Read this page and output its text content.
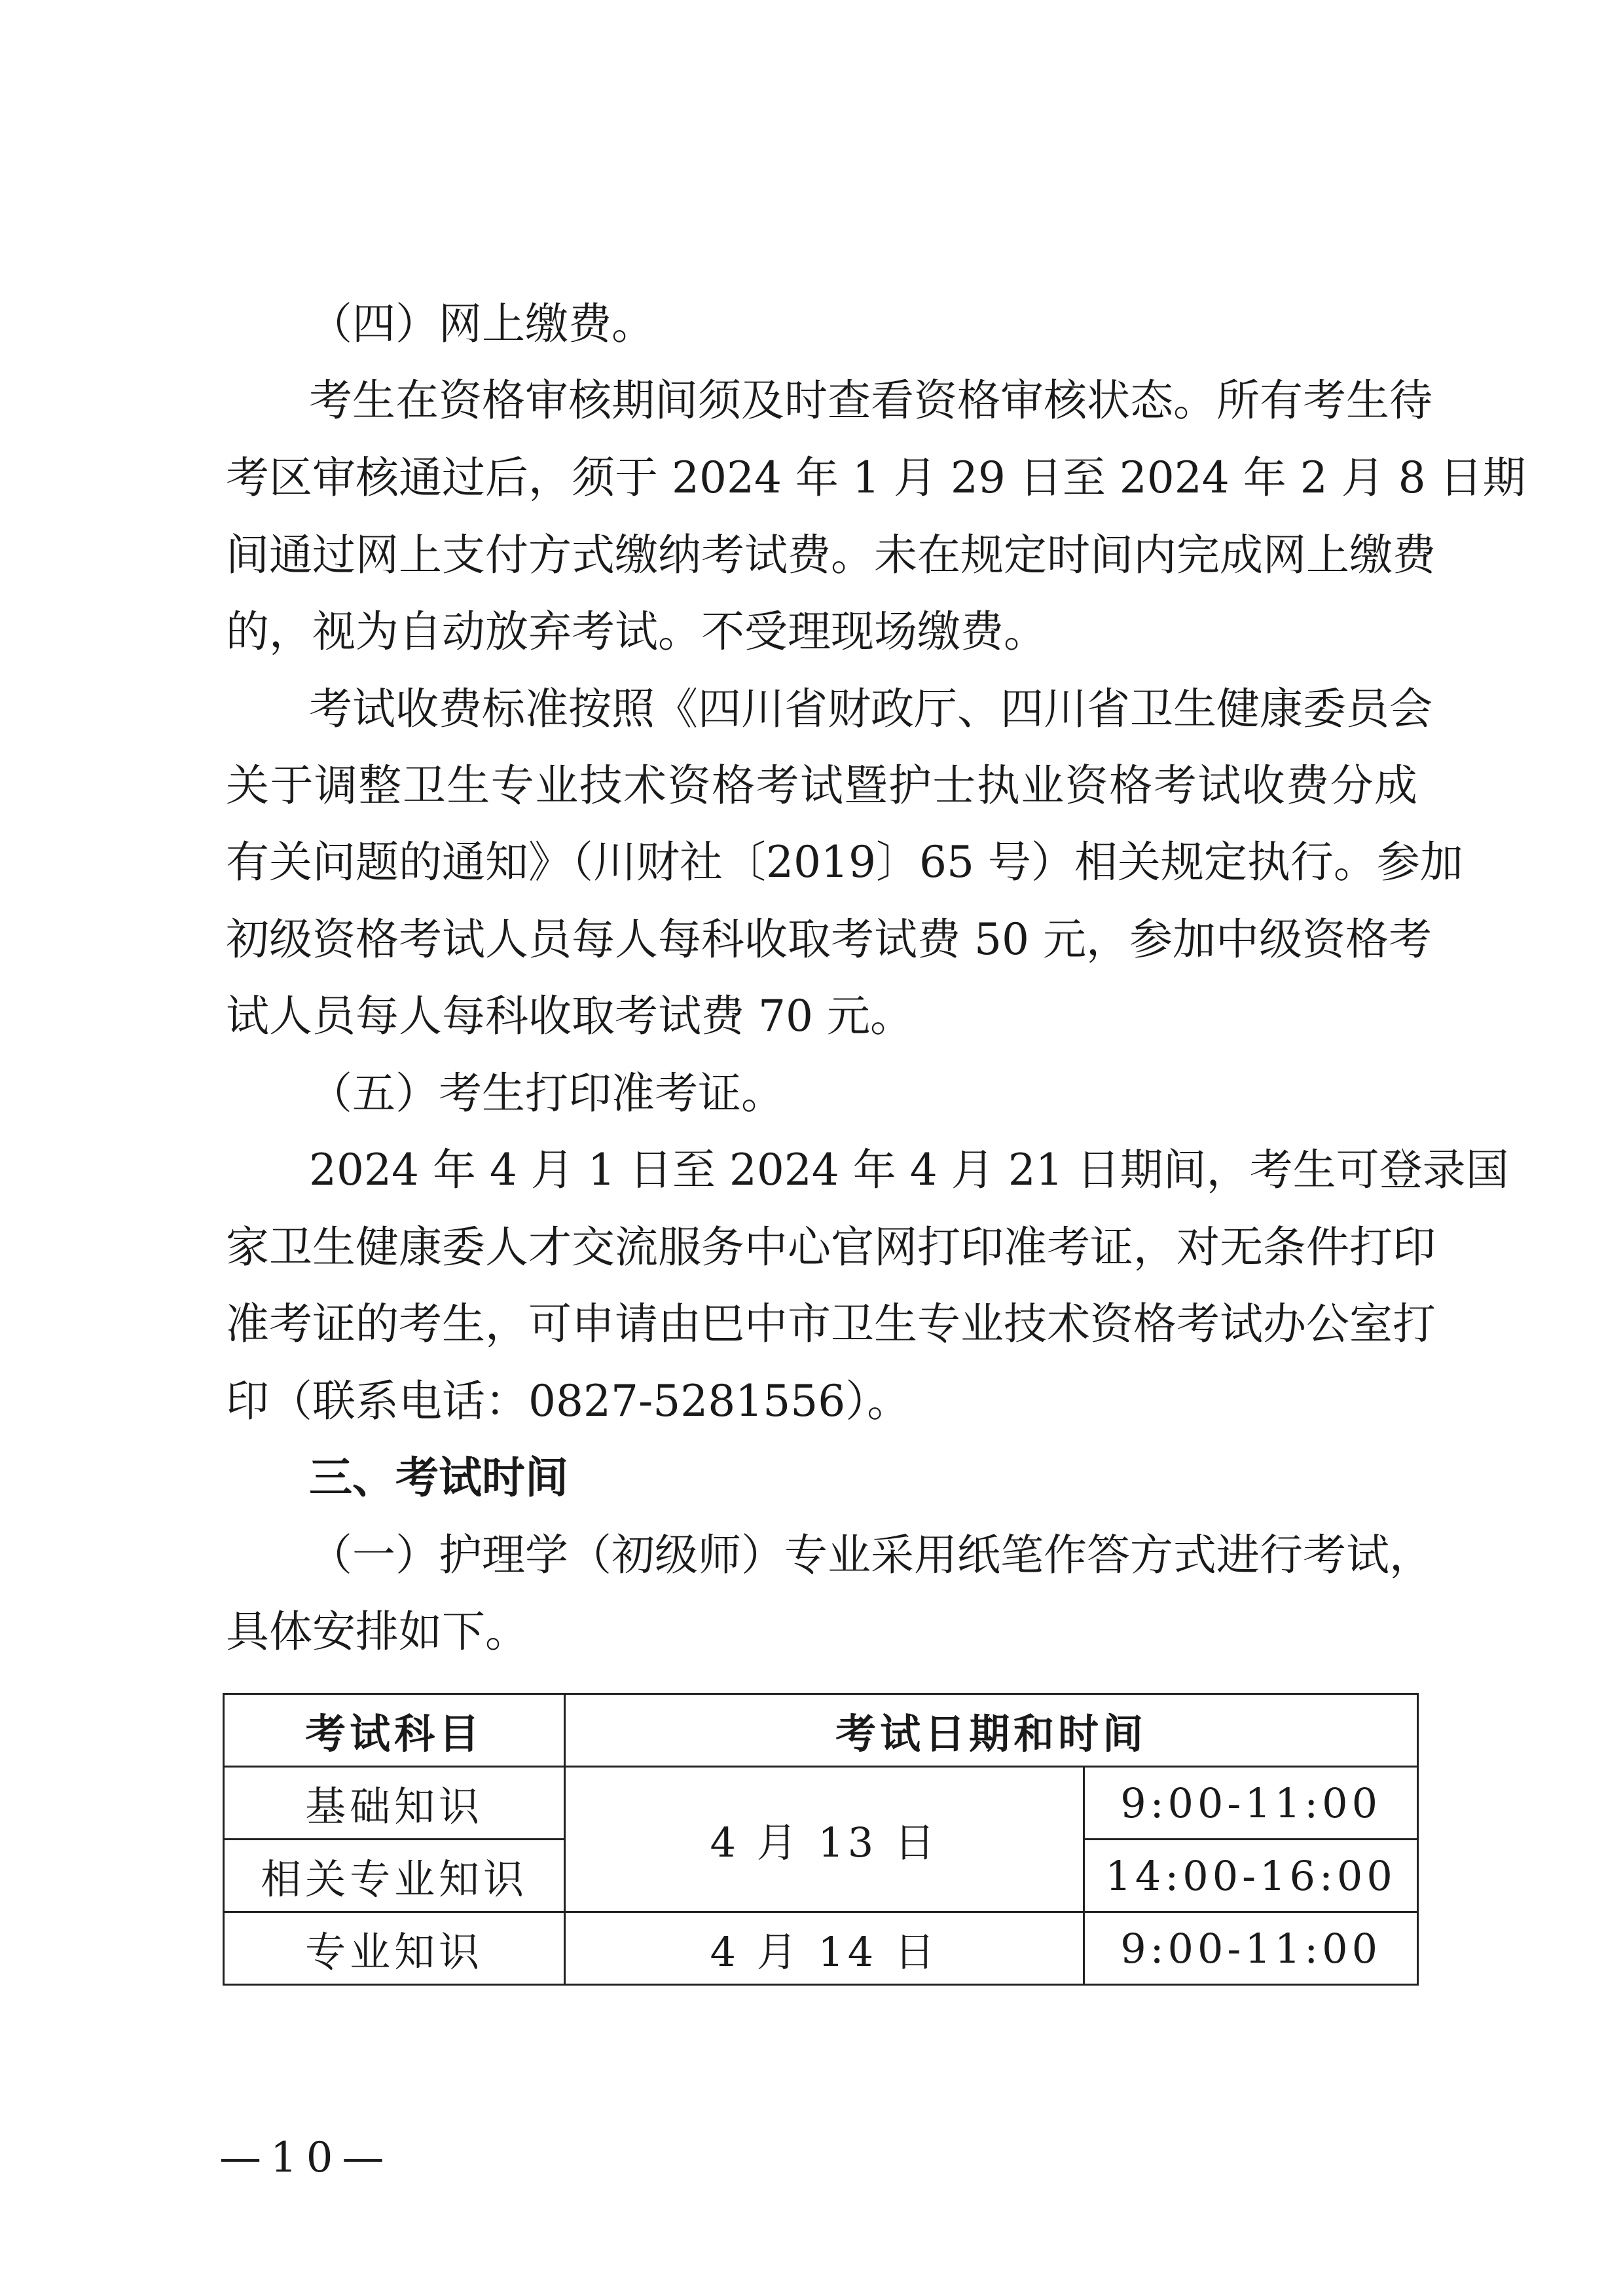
（四）网上缴费。
考生在资格审核期间须及时查看资格审核状态。所有考生待
考区审核通过后，须于 2024 年 1 月 29 日至 2024 年 2 月 8 日期
间通过网上支付方式缴纳考试费。未在规定时间内完成网上缴费
的，视为自动放弃考试。不受理现场缴费。
考试收费标准按照《四川省财政厅、四川省卫生健康委员会
关于调整卫生专业技术资格考试暨护士执业资格考试收费分成
有关问题的通知》（川财社〔2019〕65 号）相关规定执行。参加
初级资格考试人员每人每科收取考试费 50 元，参加中级资格考
试人员每人每科收取考试费 70 元。
（五）考生打印准考证。
2024 年 4 月 1 日至 2024 年 4 月 21 日期间，考生可登录国
家卫生健康委人才交流服务中心官网打印准考证，对无条件打印
准考证的考生，可申请由巴中市卫生专业技术资格考试办公室打
印（联系电话：0827-5281556）。
三、考试时间
（一）护理学（初级师）专业采用纸笔作答方式进行考试，
具体安排如下。
考试科目	考试日期和时间	
基础知识	4 月 13 日	9:00-11:00
相关专业知识		14:00-16:00
专业知识	4 月 14 日	9:00-11:00
—10—
